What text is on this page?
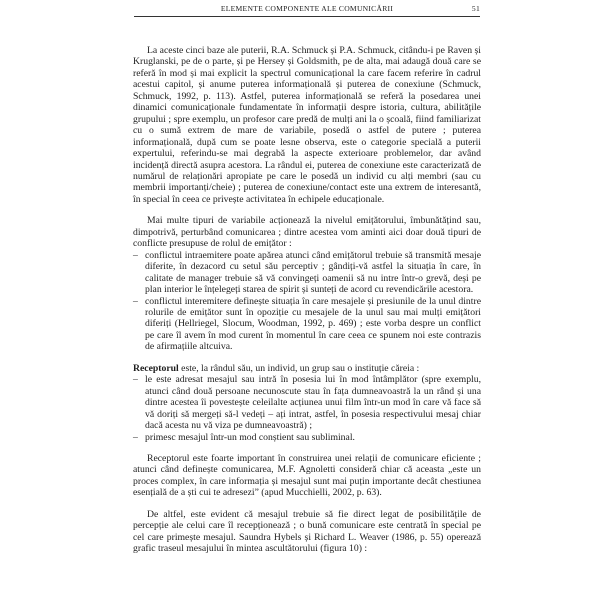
ELEMENTE COMPONENTE ALE COMUNICĂRII	51

La aceste cinci baze ale puterii, R.A. Schmuck și P.A. Schmuck, citându-i pe Raven și Kruglanski, pe de o parte, și pe Hersey și Goldsmith, pe de alta, mai adaugă două care se referă în mod și mai explicit la spectrul comunicațional la care facem referire în cadrul acestui capitol, și anume puterea informațională și puterea de conexiune (Schmuck, Schmuck, 1992, p. 113). Astfel, puterea informațională se referă la posedarea unei dinamici comunicaționale fundamentate în informații despre istoria, cultura, abilitățile grupului ; spre exemplu, un profesor care predă de mulți ani la o școală, fiind familiarizat cu o sumă extrem de mare de variabile, posedă o astfel de putere ; puterea informațională, după cum se poate lesne observa, este o categorie specială a puterii expertului, referindu-se mai degrabă la aspecte exterioare problemelor, dar având incidență directă asupra acestora. La rândul ei, puterea de conexiune este caracterizată de numărul de relaționări apropiate pe care le posedă un individ cu alți membri (sau cu membrii importanți/cheie) ; puterea de conexiune/contact este una extrem de interesantă, în special în ceea ce privește activitatea în echipele educaționale.

Mai multe tipuri de variabile acționează la nivelul emițătorului, îmbunătățind sau, dimpotrivă, perturbând comunicarea ; dintre acestea vom aminti aici doar două tipuri de conflicte presupuse de rolul de emițător :

– conflictul intraemitere poate apărea atunci când emițătorul trebuie să transmită mesaje diferite, în dezacord cu setul său perceptiv ; gândiți-vă astfel la situația în care, în calitate de manager trebuie să vă convingeți oamenii să nu intre într-o grevă, deși pe plan interior le înțelegeți starea de spirit și sunteți de acord cu revendicările acestora.
– conflictul interemitere definește situația în care mesajele și presiunile de la unul dintre rolurile de emițător sunt în opoziție cu mesajele de la unul sau mai mulți emițători diferiți (Hellriegel, Slocum, Woodman, 1992, p. 469) ; este vorba despre un conflict pe care îl avem în mod curent în momentul în care ceea ce spunem noi este contrazis de afirmațiile altcuiva.

Receptorul este, la rândul său, un individ, un grup sau o instituție căreia :

– le este adresat mesajul sau intră în posesia lui în mod întâmplător (spre exemplu, atunci când două persoane necunoscute stau în fața dumneavoastră la un rând și una dintre acestea îi povestește celeilalte acțiunea unui film într-un mod în care vă face să vă doriți să mergeți să-l vedeți – ați intrat, astfel, în posesia respectivului mesaj chiar dacă acesta nu vă viza pe dumneavoastră) ;
– primesc mesajul într-un mod conștient sau subliminal.

Receptorul este foarte important în construirea unei relații de comunicare eficiente ; atunci când definește comunicarea, M.F. Agnoletti consideră chiar că aceasta „este un proces complex, în care informația și mesajul sunt mai puțin importante decât chestiunea esențială de a ști cui te adresezi” (apud Mucchielli, 2002, p. 63).

De altfel, este evident că mesajul trebuie să fie direct legat de posibilitățile de percepție ale celui care îl recepționează ; o bună comunicare este centrată în special pe cel care primește mesajul. Saundra Hybels și Richard L. Weaver (1986, p. 55) operează grafic traseul mesajului în mintea ascultătorului (figura 10) :
